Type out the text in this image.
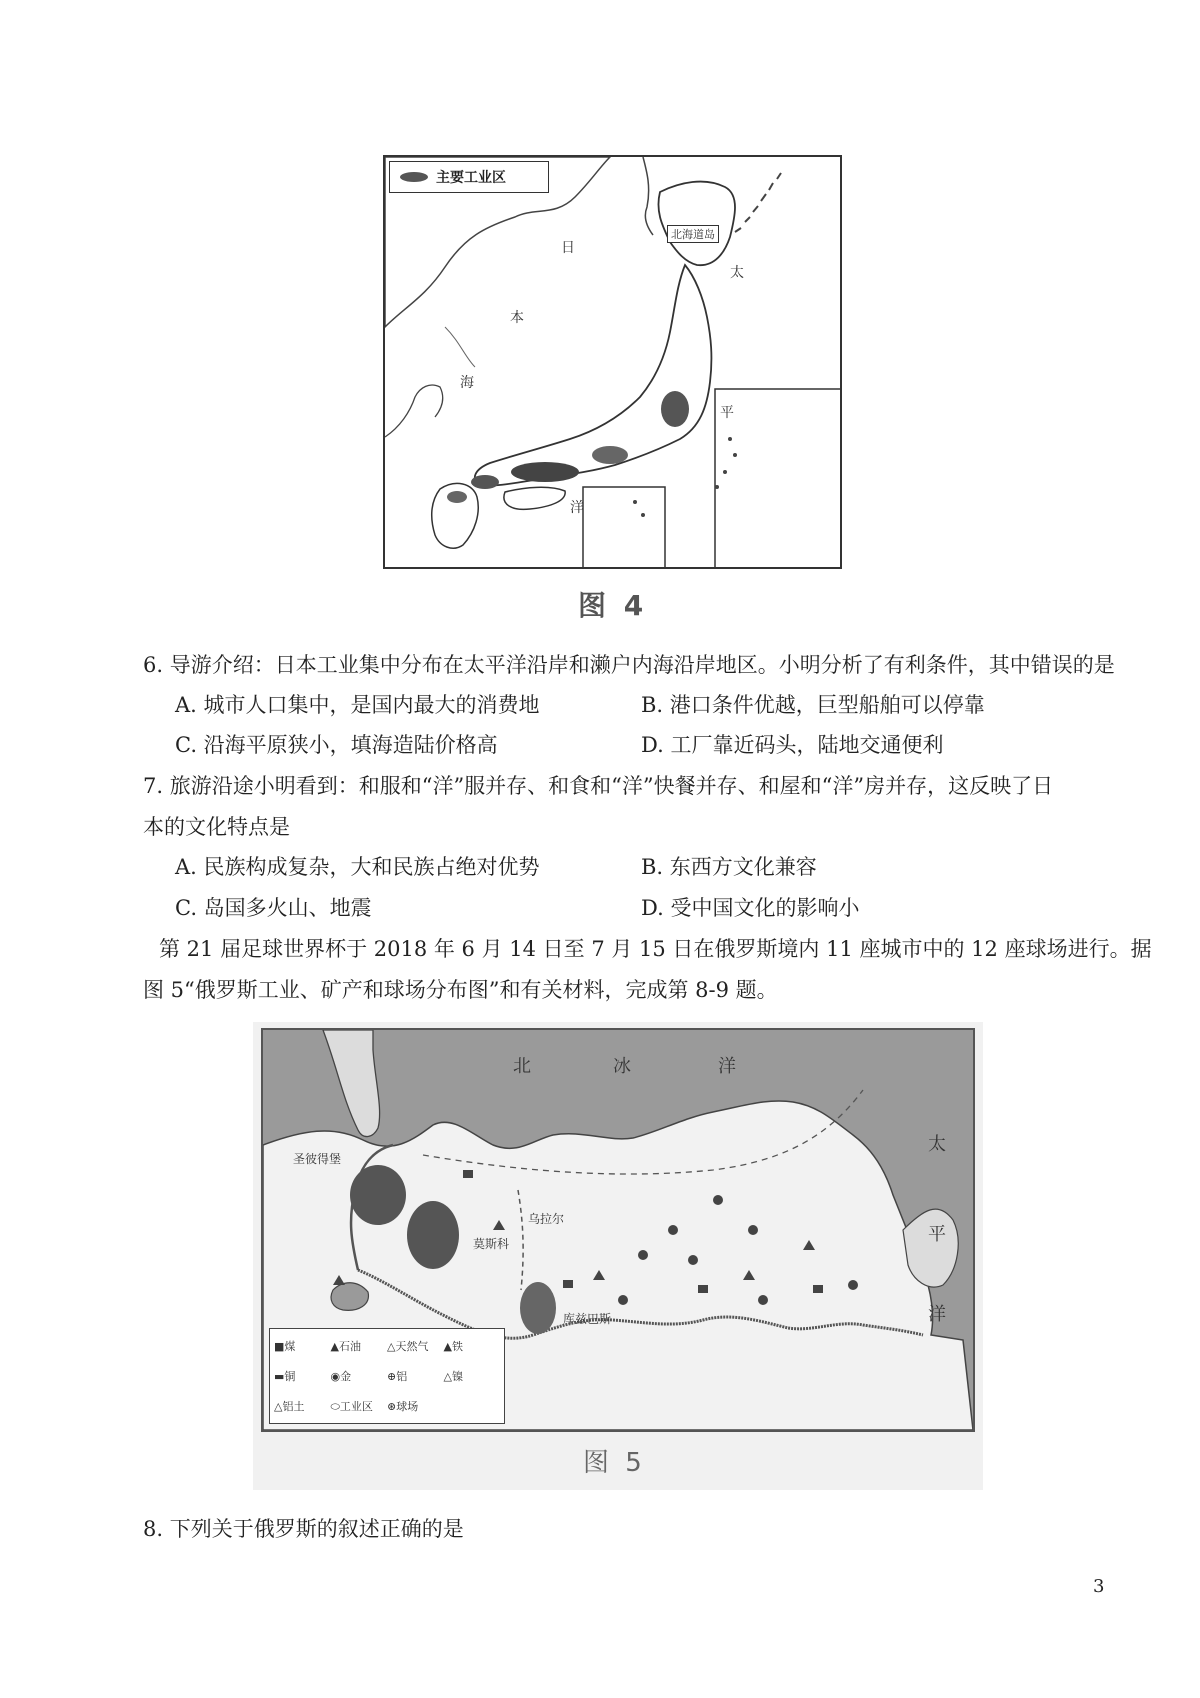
主要工业区
北海道岛
日
本
海
太
平
洋
图 4
6. 导游介绍：日本工业集中分布在太平洋沿岸和濑户内海沿岸地区。小明分析了有利条件，其中错误的是
A. 城市人口集中，是国内最大的消费地	B. 港口条件优越，巨型船舶可以停靠
C. 沿海平原狭小，填海造陆价格高	D. 工厂靠近码头，陆地交通便利
7. 旅游沿途小明看到：和服和“洋”服并存、和食和“洋”快餐并存、和屋和“洋”房并存，这反映了日
本的文化特点是
A. 民族构成复杂，大和民族占绝对优势	B. 东西方文化兼容
C. 岛国多火山、地震	D. 受中国文化的影响小
第 21 届足球世界杯于 2018 年 6 月 14 日至 7 月 15 日在俄罗斯境内 11 座城市中的 12 座球场进行。据
图 5“俄罗斯工业、矿产和球场分布图”和有关材料，完成第 8-9 题。
北	冰	洋
太
平
洋
圣彼得堡
莫斯科
乌拉尔
库兹巴斯
■煤	▲石油	△天然气	▲铁
▬铜	◉金	⊕铝	△镍
△铝土	⬭工业区	⊛球场
图 5
8. 下列关于俄罗斯的叙述正确的是
3
